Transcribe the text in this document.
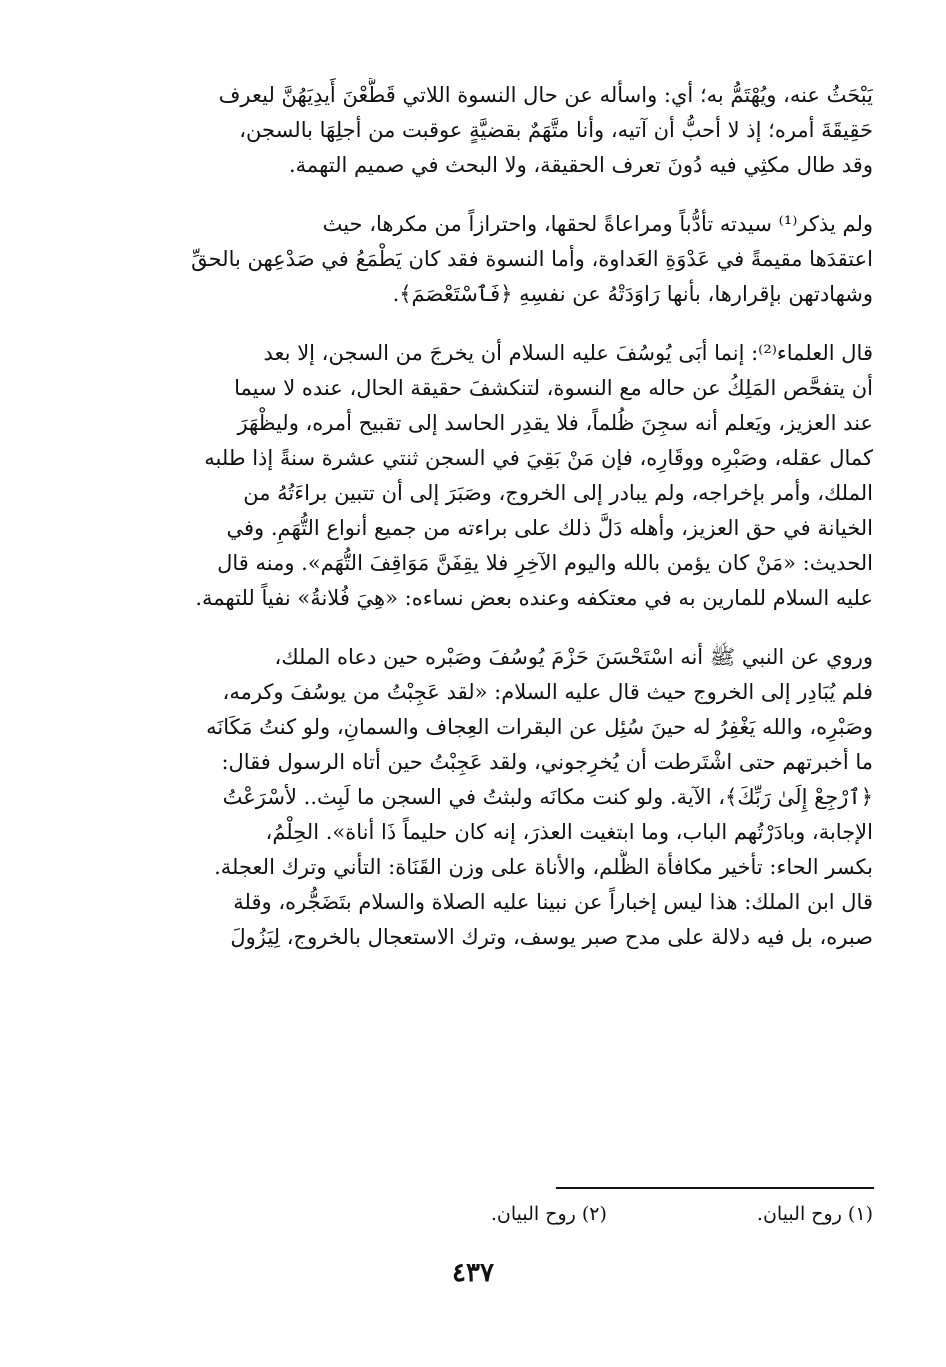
يَبْحَثُ عنه، ويُهْتَمُّ به؛ أي: واسأله عن حال النسوة اللاتي قَطَّعْنَ أَيدِيَهُنَّ ليعرف
حَقِيقَةَ أمره؛ إذ لا أحبُّ أن آتيه، وأنا متَّهَمٌ بقضيَّةٍ عوقبت من أجلِهَا بالسجن،
وقد طال مكثِي فيه دُونَ تعرف الحقيقة، ولا البحث في صميم التهمة.

ولم يذكر⁽¹⁾ سيدته تأدُّباً ومراعاةً لحقها، واحترازاً من مكرها، حيث
اعتقدَها مقيمةً في عَدْوَةِ العَداوة، وأما النسوة فقد كان يَطْمَعُ في صَدْعِهن بالحقِّ
وشهادتهن بإقرارها، بأنها رَاوَدَتْهُ عن نفسِهِ ﴿فَٱسْتَعْصَمَ﴾.

قال العلماء⁽²⁾: إنما أبَى يُوسُفَ عليه السلام أن يخرجَ من السجن، إلا بعد
أن يتفحَّص المَلِكُ عن حاله مع النسوة، لتنكشفَ حقيقة الحال، عنده لا سيما
عند العزيز، ويَعلم أنه سجِنَ ظُلماً، فلا يقدِر الحاسد إلى تقبيح أمره، وليظْهَرَ
كمال عقله، وصَبْرِه ووقَارِه، فإن مَنْ بَقِيَ في السجن ثنتي عشرة سنةً إذا طلبه
الملك، وأمر بإخراجه، ولم يبادر إلى الخروج، وصَبَرَ إلى أن تتبين براءَتُهُ من
الخيانة في حق العزيز، وأهله دَلَّ ذلك على براءته من جميع أنواع التُّهَمِ. وفي
الحديث: «مَنْ كان يؤمن بالله واليوم الآخِرِ فلا يقِفَنَّ مَوَاقِفَ التُّهَم». ومنه قال
عليه السلام للمارين به في معتكفه وعنده بعض نساءه: «هِيَ فُلانةُ» نفياً للتهمة.

وروي عن النبي ﷺ أنه اسْتَحْسَنَ حَزْمَ يُوسُفَ وصَبْره حين دعاه الملك،
فلم يُبَادِر إلى الخروج حيث قال عليه السلام: «لقد عَجِبْتُ من يوسُفَ وكرمه،
وصَبْرِه، والله يَغْفِرُ له حينَ سُئِل عن البقرات العِجاف والسمانِ، ولو كنتُ مَكَانَه
ما أخبرتهم حتى اشْتَرطت أن يُخرِجوني، ولقد عَجِبْتُ حين أتاه الرسول فقال:
﴿ٱرْجِعْ إِلَىٰ رَبِّكَ﴾، الآية. ولو كنت مكانَه ولبثتُ في السجن ما لَبِث.. لأسْرَعْتُ
الإجابة، وبادَرْتُهم الباب، وما ابتغيت العذرَ، إنه كان حليماً ذَا أناة». الحِلْمُ،
بكسر الحاء: تأخير مكافأة الظُّلم، والأناة على وزن القَنَاة: التأني وترك العجلة.
قال ابن الملك: هذا ليس إخباراً عن نبينا عليه الصلاة والسلام بتَضَجُّره، وقلة
صبره، بل فيه دلالة على مدح صبر يوسف، وترك الاستعجال بالخروج، لِيَزُولَ

(١) روح البيان.
(٢) روح البيان.
٤٣٧
